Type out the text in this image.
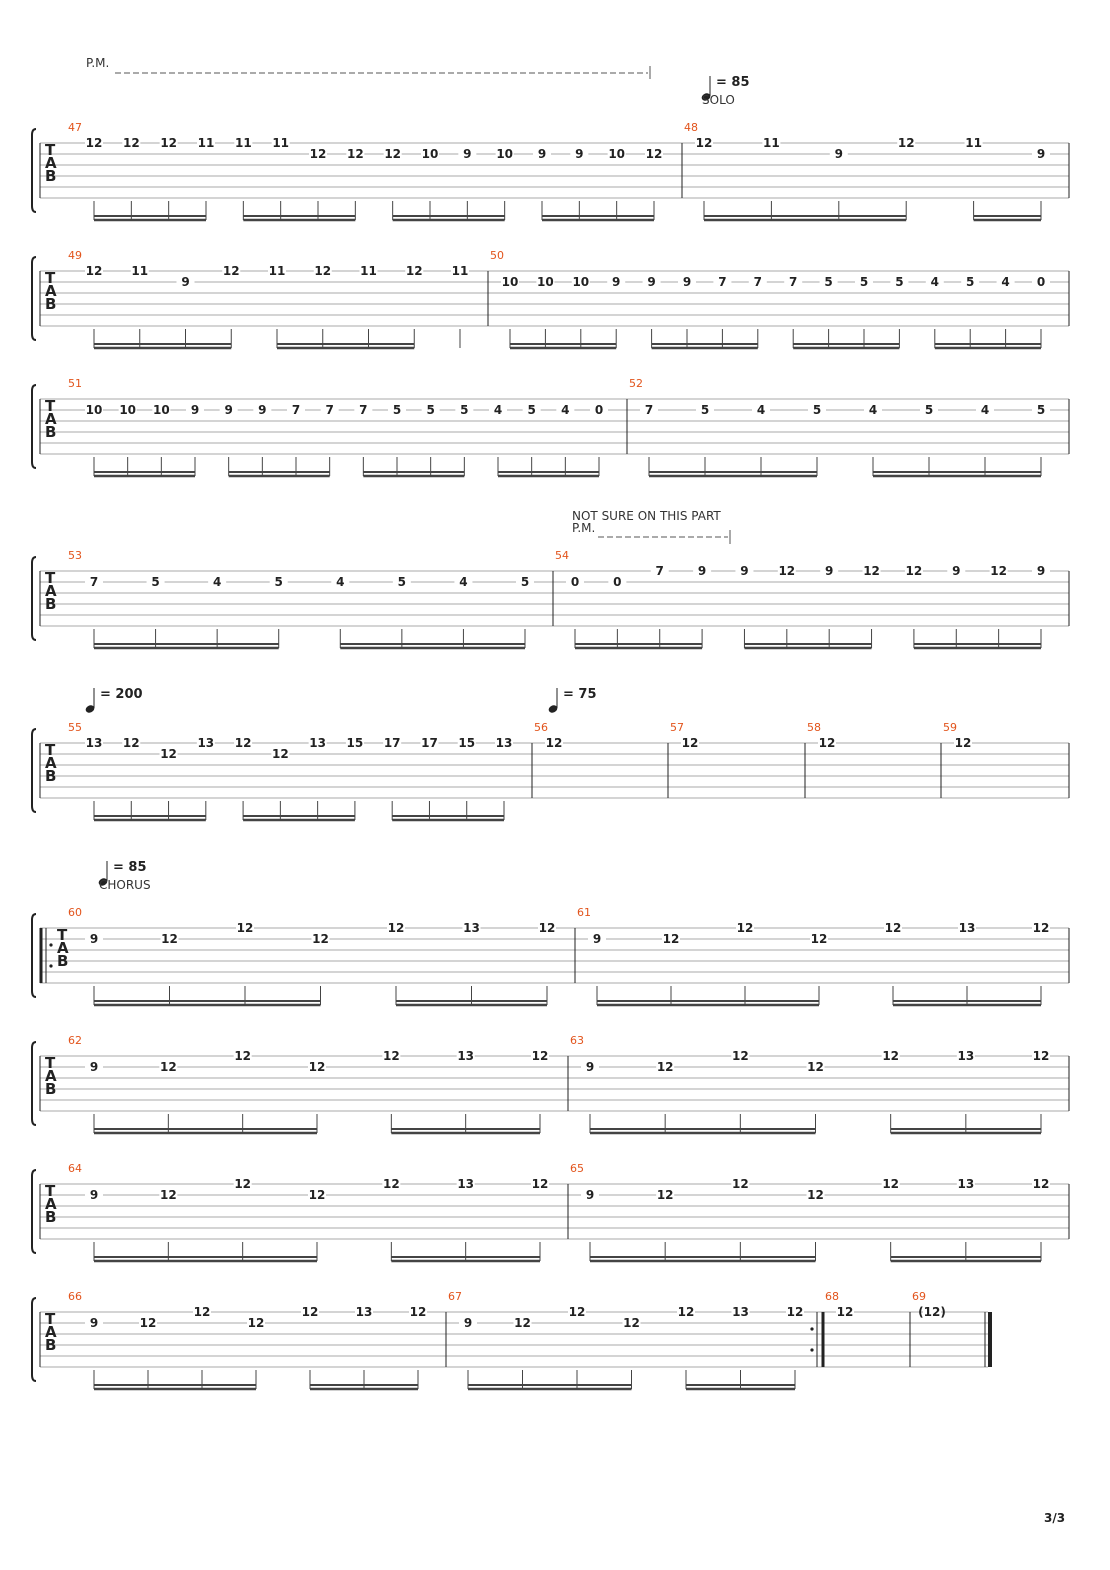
P.M.
= 85
SOLO
NOT SURE ON THIS PART
P.M.
= 200	= 75
= 85
CHORUS
3/3
T
A
B
47
12 12 12 11 11 11
12 12 12 10 9 10 9 9 10 12
48
12	11
9
12	11
9
T
A
B
49
12 11
9
12 11 12 11 12 11
50
10 10 10 9 9 9 7 7 7 5 5 5 4 5 4 0
T
A
B
51
10 10 10 9 9 9 7 7 7 5 5 5 4 5 4 0
52
7	5	4	5	4	5	4	5
T
A
B
53
7	5	4	5	4	5	4	5
54
0	0
7	9	9 12 9 12 12 9 12 9
T
A
B
55
13 12
12
13 12
12
13 15 17 17 15 13
56
12
57
12
58
12
59
12
T
A
B
60
9	12
12
12
12	13	12
61
9	12
12
12
12	13	12
T
A
B
62
9	12
12
12
12	13	12
63
9	12
12
12
12	13	12
T
A
B
64
9	12
12
12
12	13	12
65
9	12
12
12
12	13	12
T
A
B
66
9	12
12
12
12	13	12
67
9	12
12
12
12	13	12
68
12
69
(12)
